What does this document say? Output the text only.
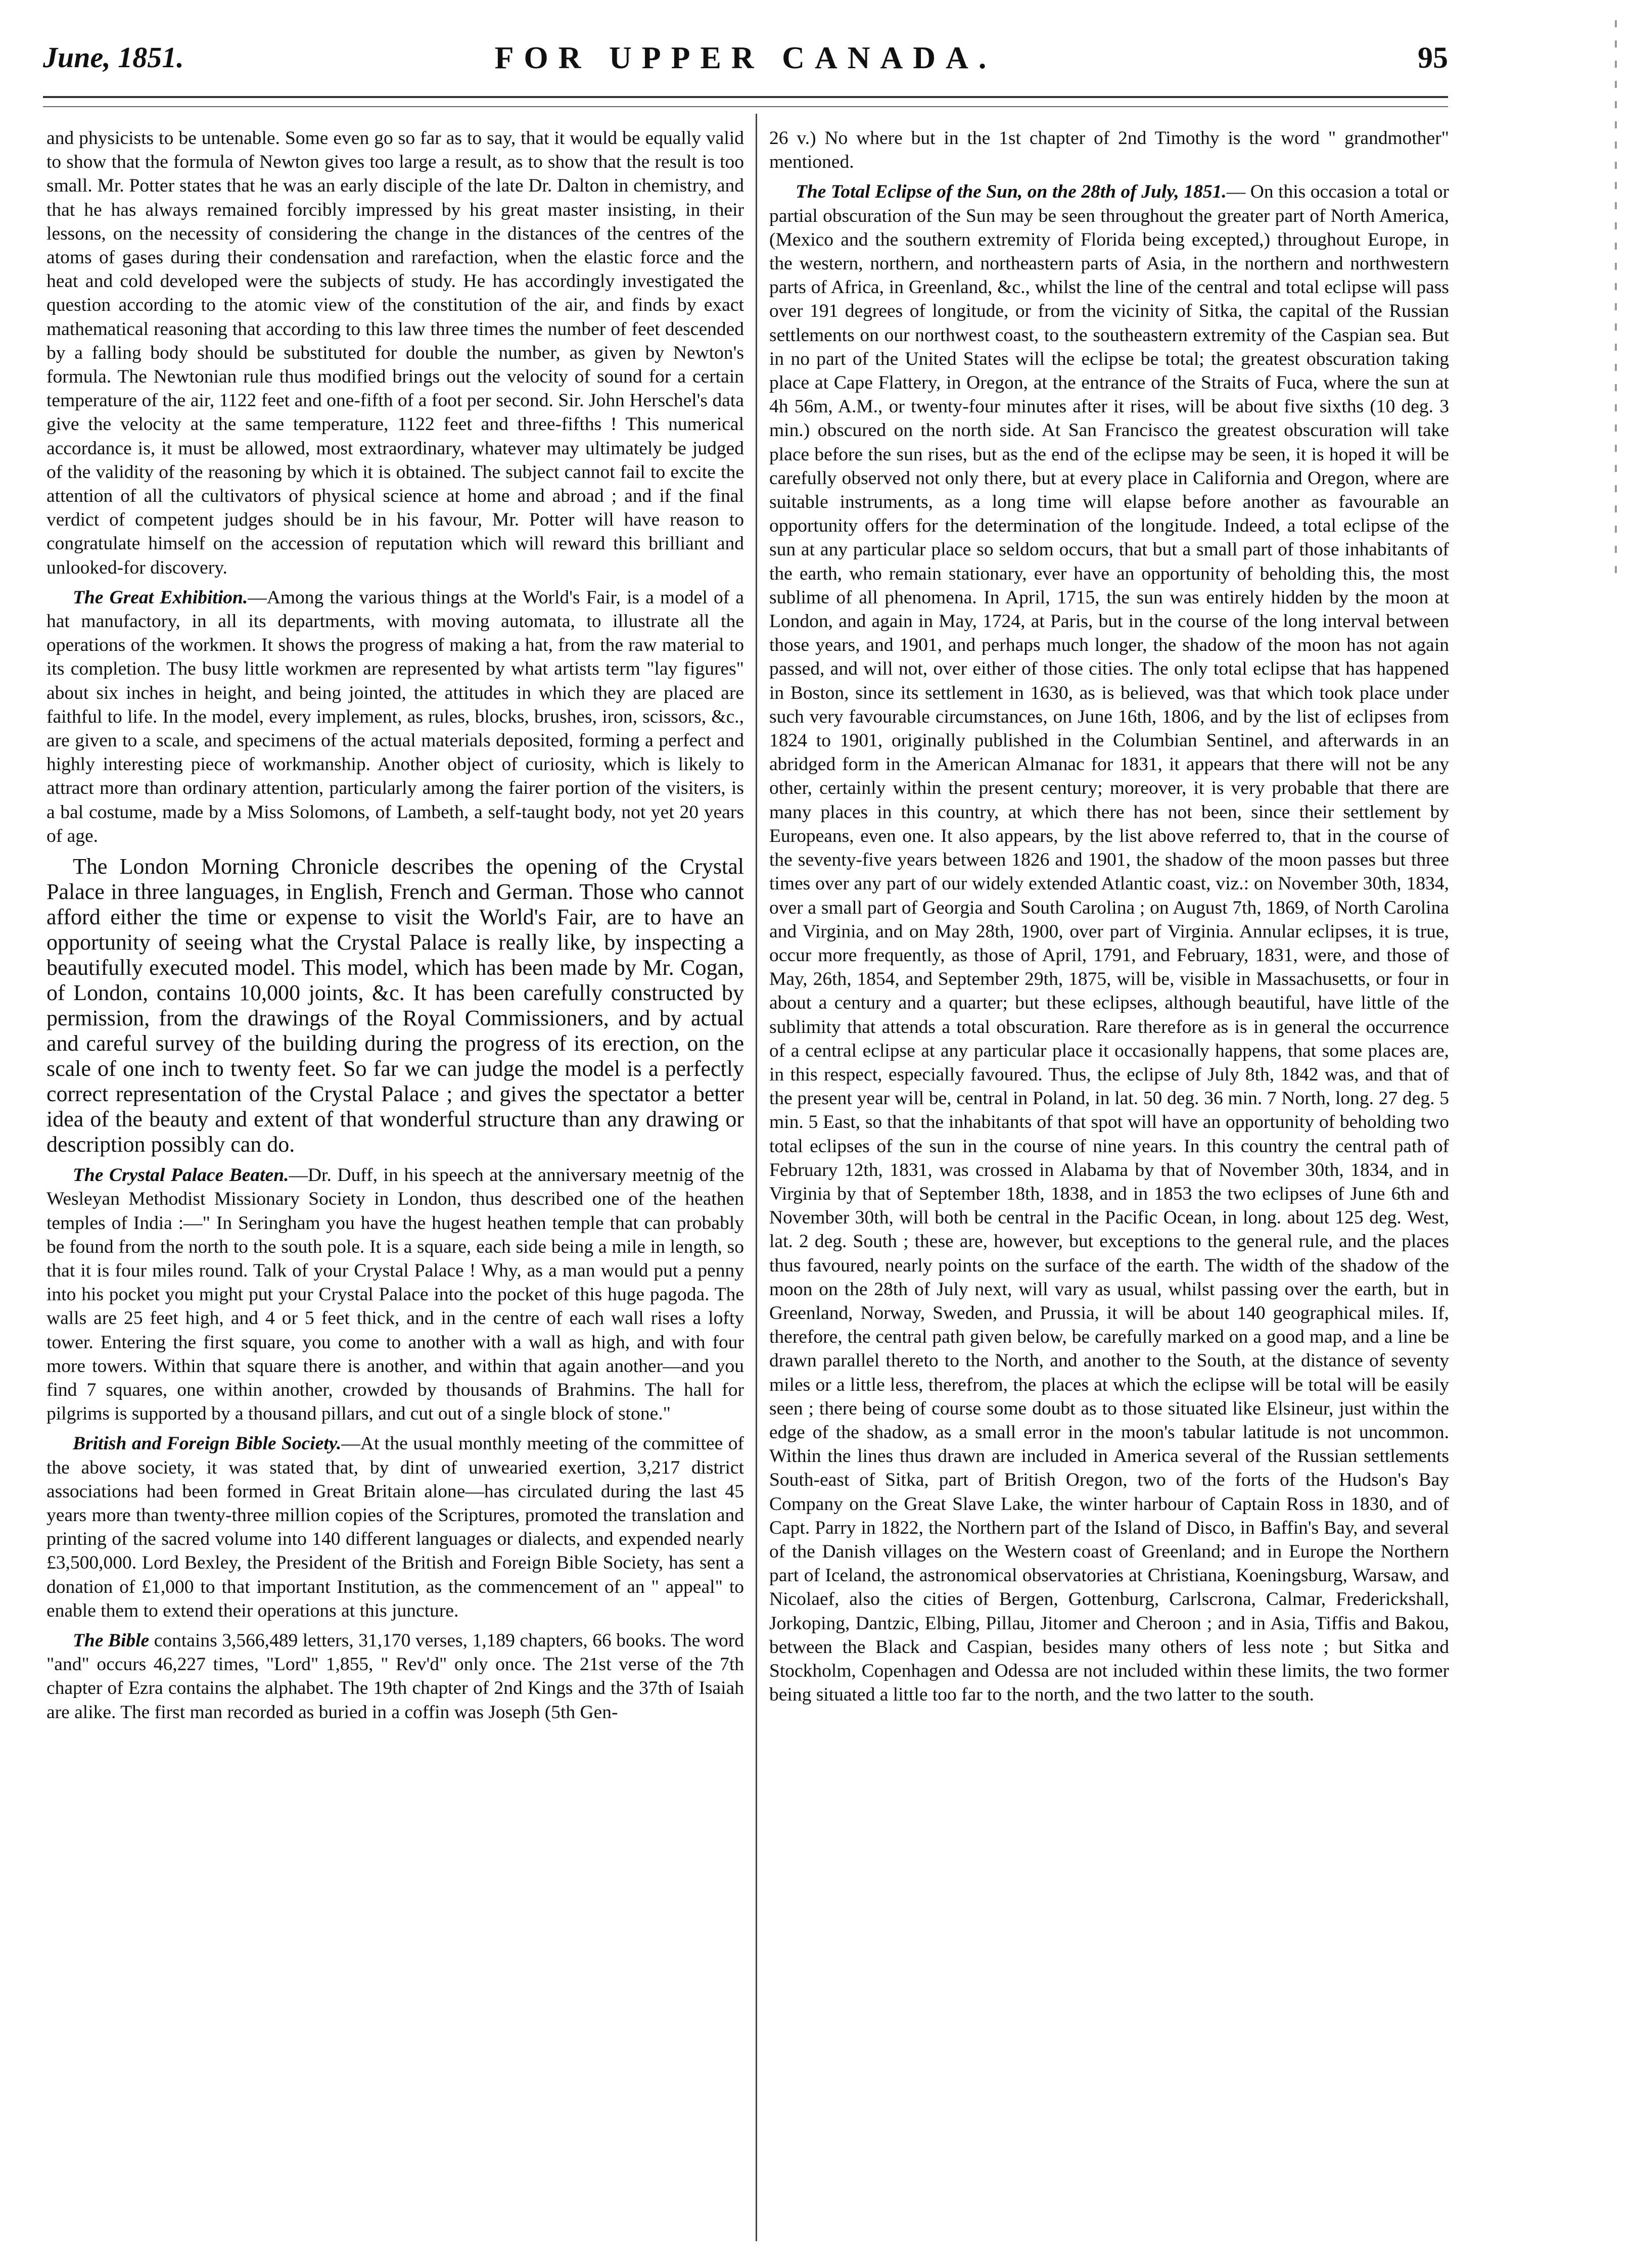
June, 1851.	FOR UPPER CANADA.	95

and physicists to be untenable. Some even go so far as to say, that it would be equally valid to show that the formula of Newton gives too large a result, as to show that the result is too small. Mr. Potter states that he was an early disciple of the late Dr. Dalton in chemistry, and that he has always remained forcibly impressed by his great master insisting, in their lessons, on the necessity of considering the change in the distances of the centres of the atoms of gases during their condensation and rarefaction, when the elastic force and the heat and cold developed were the subjects of study. He has accordingly investigated the question according to the atomic view of the constitution of the air, and finds by exact mathematical reasoning that according to this law three times the number of feet descended by a falling body should be substituted for double the number, as given by Newton's formula. The Newtonian rule thus modified brings out the velocity of sound for a certain temperature of the air, 1122 feet and one-fifth of a foot per second. Sir. John Herschel's data give the velocity at the same temperature, 1122 feet and three-fifths ! This numerical accordance is, it must be allowed, most extraordinary, whatever may ultimately be judged of the validity of the reasoning by which it is obtained. The subject cannot fail to excite the attention of all the cultivators of physical science at home and abroad ; and if the final verdict of competent judges should be in his favour, Mr. Potter will have reason to congratulate himself on the accession of reputation which will reward this brilliant and unlooked-for discovery.

The Great Exhibition.—Among the various things at the World's Fair, is a model of a hat manufactory, in all its departments, with moving automata, to illustrate all the operations of the workmen. It shows the progress of making a hat, from the raw material to its completion. The busy little workmen are represented by what artists term "lay figures" about six inches in height, and being jointed, the attitudes in which they are placed are faithful to life. In the model, every implement, as rules, blocks, brushes, iron, scissors, &c., are given to a scale, and specimens of the actual materials deposited, forming a perfect and highly interesting piece of workmanship. Another object of curiosity, which is likely to attract more than ordinary attention, particularly among the fairer portion of the visiters, is a bal costume, made by a Miss Solomons, of Lambeth, a self-taught body, not yet 20 years of age.

The London Morning Chronicle describes the opening of the Crystal Palace in three languages, in English, French and German. Those who cannot afford either the time or expense to visit the World's Fair, are to have an opportunity of seeing what the Crystal Palace is really like, by inspecting a beautifully executed model. This model, which has been made by Mr. Cogan, of London, contains 10,000 joints, &c. It has been carefully constructed by permission, from the drawings of the Royal Commissioners, and by actual and careful survey of the building during the progress of its erection, on the scale of one inch to twenty feet. So far we can judge the model is a perfectly correct representation of the Crystal Palace ; and gives the spectator a better idea of the beauty and extent of that wonderful structure than any drawing or description possibly can do.

The Crystal Palace Beaten.—Dr. Duff, in his speech at the anniversary meetnig of the Wesleyan Methodist Missionary Society in London, thus described one of the heathen temples of India :—" In Seringham you have the hugest heathen temple that can probably be found from the north to the south pole. It is a square, each side being a mile in length, so that it is four miles round. Talk of your Crystal Palace ! Why, as a man would put a penny into his pocket you might put your Crystal Palace into the pocket of this huge pagoda. The walls are 25 feet high, and 4 or 5 feet thick, and in the centre of each wall rises a lofty tower. Entering the first square, you come to another with a wall as high, and with four more towers. Within that square there is another, and within that again another—and you find 7 squares, one within another, crowded by thousands of Brahmins. The hall for pilgrims is supported by a thousand pillars, and cut out of a single block of stone."

British and Foreign Bible Society.—At the usual monthly meeting of the committee of the above society, it was stated that, by dint of unwearied exertion, 3,217 district associations had been formed in Great Britain alone—has circulated during the last 45 years more than twenty-three million copies of the Scriptures, promoted the translation and printing of the sacred volume into 140 different languages or dialects, and expended nearly £3,500,000. Lord Bexley, the President of the British and Foreign Bible Society, has sent a donation of £1,000 to that important Institution, as the commencement of an " appeal" to enable them to extend their operations at this juncture.

The Bible contains 3,566,489 letters, 31,170 verses, 1,189 chapters, 66 books. The word "and" occurs 46,227 times, "Lord" 1,855, " Rev'd" only once. The 21st verse of the 7th chapter of Ezra contains the alphabet. The 19th chapter of 2nd Kings and the 37th of Isaiah are alike. The first man recorded as buried in a coffin was Joseph (5th Gen-

26 v.) No where but in the 1st chapter of 2nd Timothy is the word " grandmother" mentioned.

The Total Eclipse of the Sun, on the 28th of July, 1851.— On this occasion a total or partial obscuration of the Sun may be seen throughout the greater part of North America, (Mexico and the southern extremity of Florida being excepted,) throughout Europe, in the western, northern, and northeastern parts of Asia, in the northern and northwestern parts of Africa, in Greenland, &c., whilst the line of the central and total eclipse will pass over 191 degrees of longitude, or from the vicinity of Sitka, the capital of the Russian settlements on our northwest coast, to the southeastern extremity of the Caspian sea. But in no part of the United States will the eclipse be total; the greatest obscuration taking place at Cape Flattery, in Oregon, at the entrance of the Straits of Fuca, where the sun at 4h 56m, A.M., or twenty-four minutes after it rises, will be about five sixths (10 deg. 3 min.) obscured on the north side. At San Francisco the greatest obscuration will take place before the sun rises, but as the end of the eclipse may be seen, it is hoped it will be carefully observed not only there, but at every place in California and Oregon, where are suitable instruments, as a long time will elapse before another as favourable an opportunity offers for the determination of the longitude. Indeed, a total eclipse of the sun at any particular place so seldom occurs, that but a small part of those inhabitants of the earth, who remain stationary, ever have an opportunity of beholding this, the most sublime of all phenomena. In April, 1715, the sun was entirely hidden by the moon at London, and again in May, 1724, at Paris, but in the course of the long interval between those years, and 1901, and perhaps much longer, the shadow of the moon has not again passed, and will not, over either of those cities. The only total eclipse that has happened in Boston, since its settlement in 1630, as is believed, was that which took place under such very favourable circumstances, on June 16th, 1806, and by the list of eclipses from 1824 to 1901, originally published in the Columbian Sentinel, and afterwards in an abridged form in the American Almanac for 1831, it appears that there will not be any other, certainly within the present century; moreover, it is very probable that there are many places in this country, at which there has not been, since their settlement by Europeans, even one. It also appears, by the list above referred to, that in the course of the seventy-five years between 1826 and 1901, the shadow of the moon passes but three times over any part of our widely extended Atlantic coast, viz.: on November 30th, 1834, over a small part of Georgia and South Carolina ; on August 7th, 1869, of North Carolina and Virginia, and on May 28th, 1900, over part of Virginia. Annular eclipses, it is true, occur more frequently, as those of April, 1791, and February, 1831, were, and those of May, 26th, 1854, and September 29th, 1875, will be, visible in Massachusetts, or four in about a century and a quarter; but these eclipses, although beautiful, have little of the sublimity that attends a total obscuration. Rare therefore as is in general the occurrence of a central eclipse at any particular place it occasionally happens, that some places are, in this respect, especially favoured. Thus, the eclipse of July 8th, 1842 was, and that of the present year will be, central in Poland, in lat. 50 deg. 36 min. 7 North, long. 27 deg. 5 min. 5 East, so that the inhabitants of that spot will have an opportunity of beholding two total eclipses of the sun in the course of nine years. In this country the central path of February 12th, 1831, was crossed in Alabama by that of November 30th, 1834, and in Virginia by that of September 18th, 1838, and in 1853 the two eclipses of June 6th and November 30th, will both be central in the Pacific Ocean, in long. about 125 deg. West, lat. 2 deg. South ; these are, however, but exceptions to the general rule, and the places thus favoured, nearly points on the surface of the earth. The width of the shadow of the moon on the 28th of July next, will vary as usual, whilst passing over the earth, but in Greenland, Norway, Sweden, and Prussia, it will be about 140 geographical miles. If, therefore, the central path given below, be carefully marked on a good map, and a line be drawn parallel thereto to the North, and another to the South, at the distance of seventy miles or a little less, therefrom, the places at which the eclipse will be total will be easily seen ; there being of course some doubt as to those situated like Elsineur, just within the edge of the shadow, as a small error in the moon's tabular latitude is not uncommon. Within the lines thus drawn are included in America several of the Russian settlements South-east of Sitka, part of British Oregon, two of the forts of the Hudson's Bay Company on the Great Slave Lake, the winter harbour of Captain Ross in 1830, and of Capt. Parry in 1822, the Northern part of the Island of Disco, in Baffin's Bay, and several of the Danish villages on the Western coast of Greenland; and in Europe the Northern part of Iceland, the astronomical observatories at Christiana, Koeningsburg, Warsaw, and Nicolaef, also the cities of Bergen, Gottenburg, Carlscrona, Calmar, Frederickshall, Jorkoping, Dantzic, Elbing, Pillau, Jitomer and Cheroon ; and in Asia, Tiffis and Bakou, between the Black and Caspian, besides many others of less note ; but Sitka and Stockholm, Copenhagen and Odessa are not included within these limits, the two former being situated a little too far to the north, and the two latter to the south.
